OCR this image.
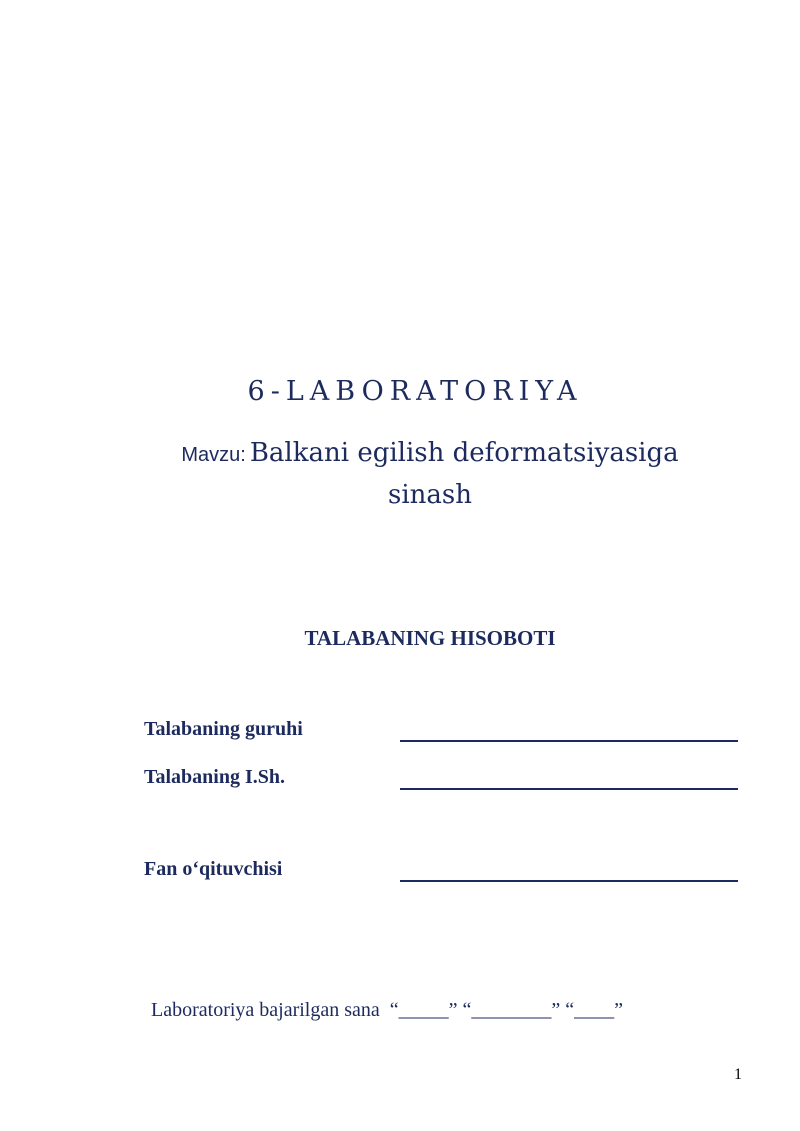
6-LABORATORIYA
Mavzu: Balkani egilish deformatsiyasiga sinash
TALABANING HISOBOTI
Talabaning guruhi
Talabaning I.Sh.
Fan o‘qituvchisi
Laboratoriya bajarilgan sana  “_____” “________” “____”
1
